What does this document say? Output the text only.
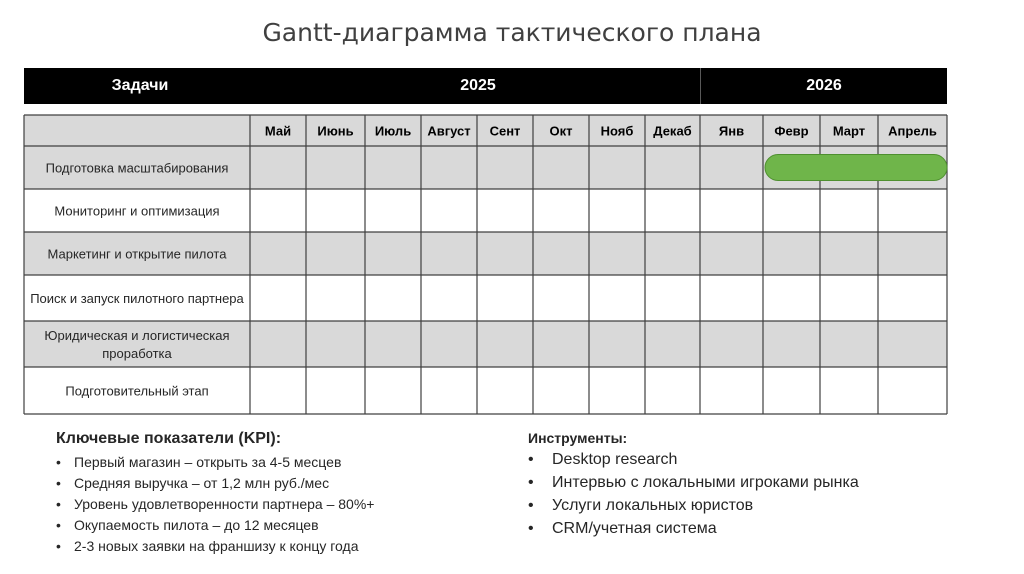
Gantt-диаграмма тактического плана
Задачи	2025	2026
Май Июнь Июль Август Сент Окт Нояб Декаб Янв Февр Март Апрель
Подготовка масштабирования
Мониторинг и оптимизация
Маркетинг и открытие пилота
Поиск и запуск пилотного партнера
Юридическая и логистическая
проработка
Подготовительный этап
Ключевые показатели (KPI):
• Первый магазин – открыть за 4-5 месцев
• Средняя выручка – от 1,2 млн руб./мес
• Уровень удовлетворенности партнера – 80%+
• Окупаемость пилота – до 12 месяцев
• 2-3 новых заявки на франшизу к концу года
Инструменты:
• Desktop research
• Интервью с локальными игроками рынка
• Услуги локальных юристов
• CRM/учетная система
